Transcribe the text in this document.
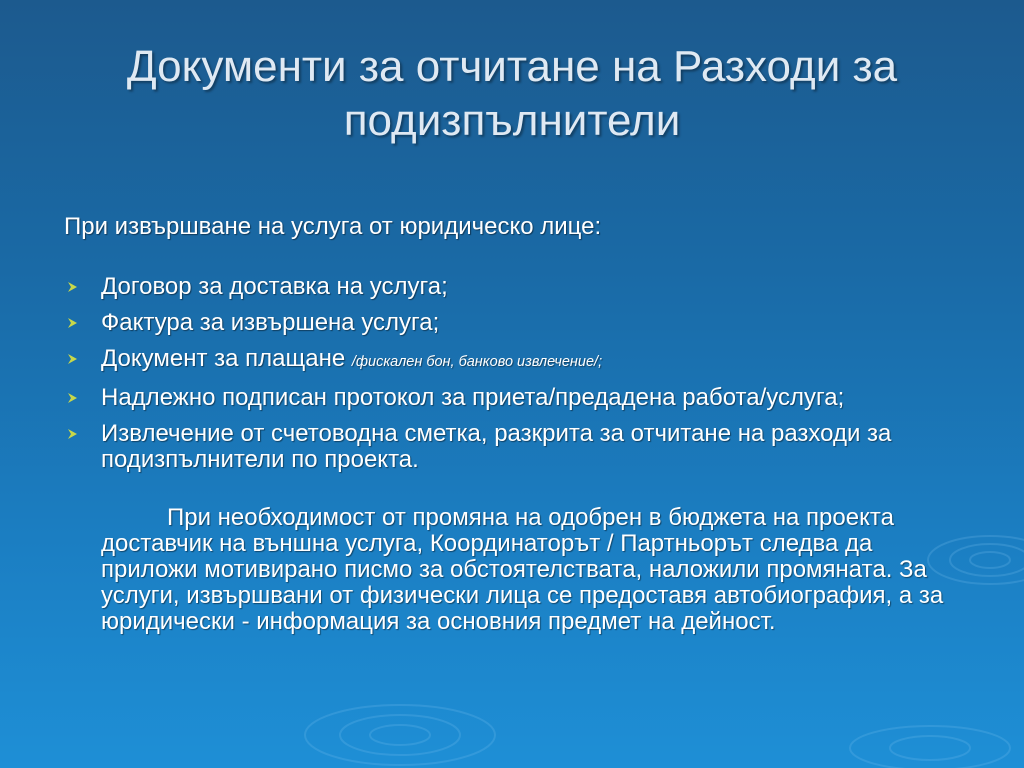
Документи за отчитане на Разходи за подизпълнители

При извършване на услуга от юридическо лице:

Договор за доставка на услуга;
Фактура за извършена услуга;
Документ за плащане /фискален бон, банково извлечение/;
Надлежно подписан протокол за приета/предадена работа/услуга;
Извлечение от счетоводна сметка, разкрита за отчитане на разходи за подизпълнители по проекта.

При необходимост от промяна на одобрен в бюджета на проекта доставчик на външна услуга, Координаторът / Партньорът следва да приложи мотивирано писмо за обстоятелствата, наложили промяната. За услуги, извършвани от физически лица се предоставя автобиография, а за юридически - информация за основния предмет на дейност.
